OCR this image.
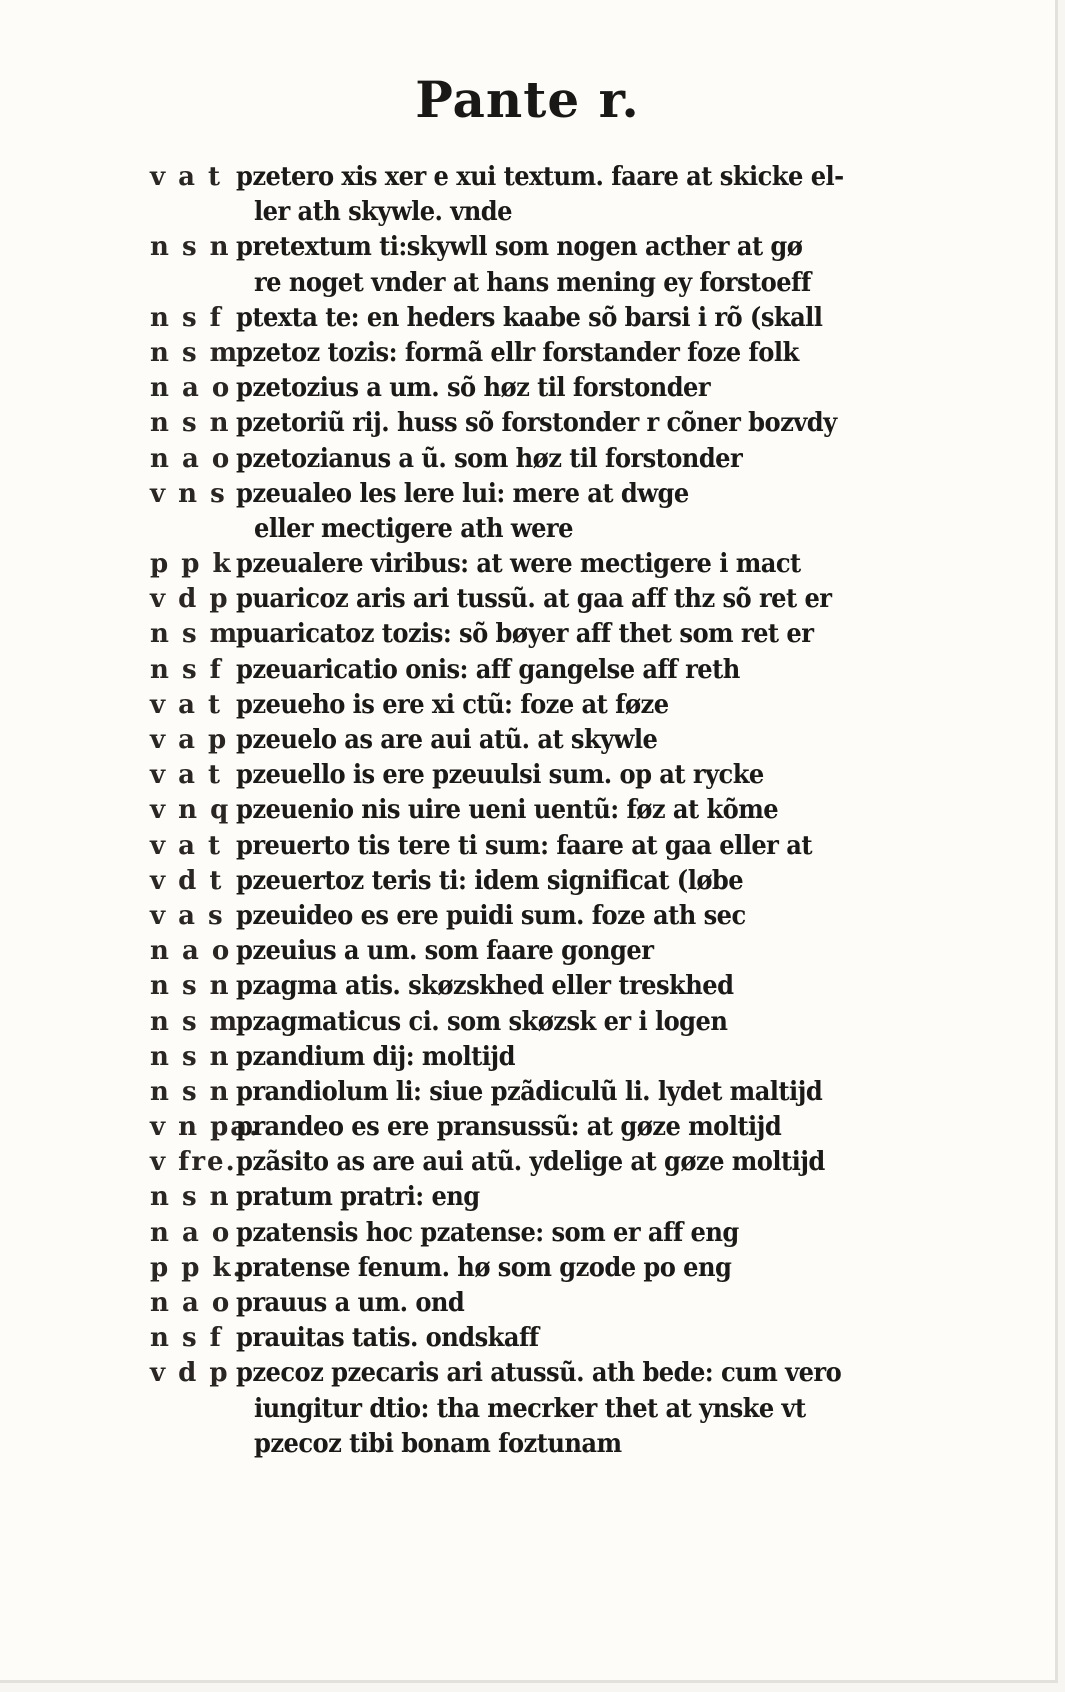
Pante r.
v a t pzetero xis xer e xui textum. faare at skicke el-
ler ath skywle. vnde
n s n pretextum ti:skywll som nogen acther at gø
re noget vnder at hans mening ey forstoeff
n s f ptexta te: en heders kaabe sõ barsi i rõ (skall
n s m
pzetoz tozis: formã ellr forstander foze folk
n a o pzetozius a um. sõ høz til forstonder
n s n pzetoriũ rij. huss sõ forstonder r cõner bozvdy
n a o pzetozianus a ũ. som høz til forstonder
v n s pzeualeo les lere lui: mere at dwge
eller mectigere ath were
p p k pzeualere viribus: at were mectigere i mact
v d p puaricoz aris ari tussũ. at gaa aff thz sõ ret er
n s m
puaricatoz tozis: sõ bøyer aff thet som ret er
n s f pzeuaricatio onis: aff gangelse aff reth
v a t pzeueho is ere xi ctũ: foze at føze
v a p pzeuelo as are aui atũ. at skywle
v a t pzeuello is ere pzeuulsi sum. op at rycke
v n q pzeuenio nis uire ueni uentũ: føz at kõme
v a t preuerto tis tere ti sum: faare at gaa eller at
v d t pzeuertoz teris ti: idem significat (løbe
v a s pzeuideo es ere puidi sum. foze ath sec
n a o pzeuius a um. som faare gonger
n s n pzagma atis. skøzskhed eller treskhed
n s m
pzagmaticus ci. som skøzsk er i logen
n s n pzandium dij: moltijd
n s n prandiolum li: siue pzãdiculũ li. lydet maltijd
v n pa.
prandeo es ere pransussũ: at gøze moltijd
v fre. pzãsito as are aui atũ. ydelige at gøze moltijd
n s n pratum pratri: eng
n a o pzatensis hoc pzatense: som er aff eng
p p k.
pratense fenum. hø som gzode po eng
n a o prauus a um. ond
n s f prauitas tatis. ondskaff
v d p pzecoz pzecaris ari atussũ. ath bede: cum vero
iungitur dtio: tha mecrker thet at ynske vt
pzecoz tibi bonam foztunam
